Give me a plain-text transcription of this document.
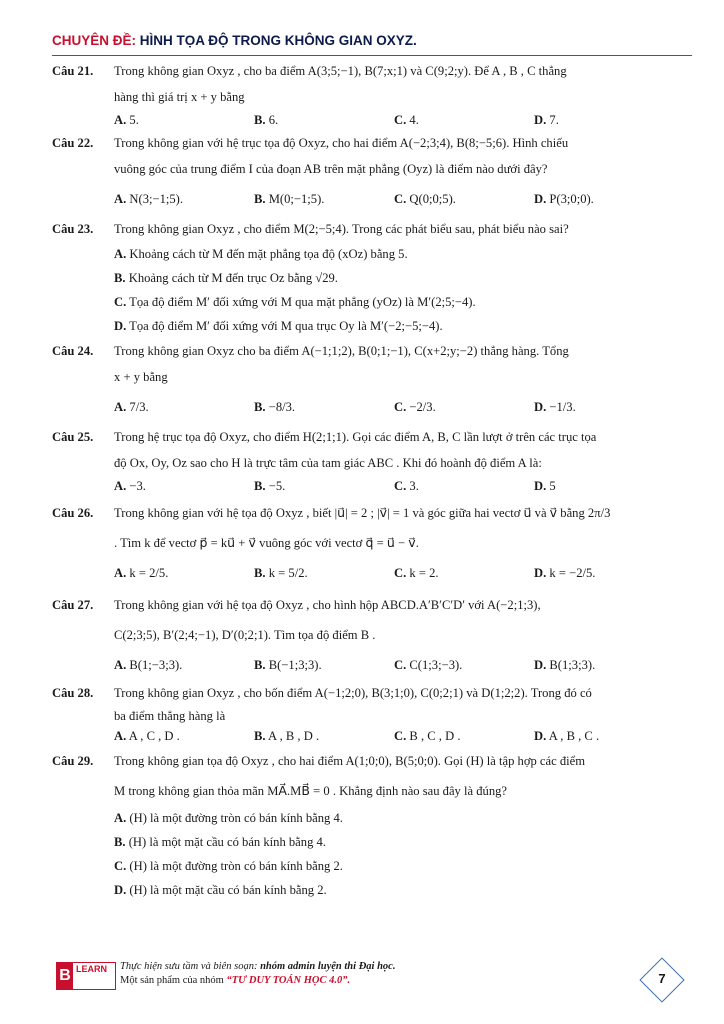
CHUYÊN ĐỀ: HÌNH TỌA ĐỘ TRONG KHÔNG GIAN OXYZ.
Câu 21. Trong không gian Oxyz , cho ba điểm A(3;5;−1), B(7;x;1) và C(9;2;y). Để A , B , C thẳng
hàng thì giá trị x + y bằng
A. 5.	B. 6.	C. 4.	D. 7.
Câu 22. Trong không gian với hệ trục tọa độ Oxyz, cho hai điểm A(−2;3;4), B(8;−5;6). Hình chiếu
vuông góc của trung điểm I của đoạn AB trên mặt phẳng (Oyz) là điểm nào dưới đây?
A. N(3;−1;5).	B. M(0;−1;5).	C. Q(0;0;5).	D. P(3;0;0).
Câu 23. Trong không gian Oxyz , cho điểm M(2;−5;4). Trong các phát biểu sau, phát biểu nào sai?
A. Khoảng cách từ M đến mặt phẳng tọa độ (xOz) bằng 5.
B. Khoảng cách từ M đến trục Oz bằng √29.
C. Tọa độ điểm M′ đối xứng với M qua mặt phẳng (yOz) là M′(2;5;−4).
D. Tọa độ điểm M′ đối xứng với M qua trục Oy là M′(−2;−5;−4).
Câu 24. Trong không gian Oxyz cho ba điểm A(−1;1;2), B(0;1;−1), C(x+2;y;−2) thẳng hàng. Tổng
x + y bằng
A. 7/3.	B. −8/3.	C. −2/3.	D. −1/3.
Câu 25. Trong hệ trục tọa độ Oxyz, cho điểm H(2;1;1). Gọi các điểm A, B, C lần lượt ở trên các trục tọa
độ Ox, Oy, Oz sao cho H là trực tâm của tam giác ABC . Khi đó hoành độ điểm A là:
A. −3.	B. −5.	C. 3.	D. 5
Câu 26. Trong không gian với hệ tọa độ Oxyz , biết |u⃗| = 2 ; |v⃗| = 1 và góc giữa hai vectơ u⃗ và v⃗ bằng 2π/3
. Tìm k để vectơ p⃗ = ku⃗ + v⃗ vuông góc với vectơ q⃗ = u⃗ − v⃗.
A. k = 2/5.	B. k = 5/2.	C. k = 2.	D. k = −2/5.
Câu 27. Trong không gian với hệ tọa độ Oxyz , cho hình hộp ABCD.A′B′C′D′ với A(−2;1;3),
C(2;3;5), B′(2;4;−1), D′(0;2;1). Tìm tọa độ điểm B .
A. B(1;−3;3).	B. B(−1;3;3).	C. C(1;3;−3).	D. B(1;3;3).
Câu 28. Trong không gian Oxyz , cho bốn điểm A(−1;2;0), B(3;1;0), C(0;2;1) và D(1;2;2). Trong đó có
ba điểm thẳng hàng là
A. A , C , D .	B. A , B , D .	C. B , C , D .	D. A , B , C .
Câu 29. Trong không gian tọa độ Oxyz , cho hai điểm A(1;0;0), B(5;0;0). Gọi (H) là tập hợp các điểm
M trong không gian thỏa mãn MA⃗.MB⃗ = 0 . Khẳng định nào sau đây là đúng?
A. (H) là một đường tròn có bán kính bằng 4.
B. (H) là một mặt cầu có bán kính bằng 4.
C. (H) là một đường tròn có bán kính bằng 2.
D. (H) là một mặt cầu có bán kính bằng 2.
B LEARN Thực hiện sưu tầm và biên soạn: nhóm admin luyện thi Đại học.
Một sản phẩm của nhóm “TƯ DUY TOÁN HỌC 4.0”.	7
